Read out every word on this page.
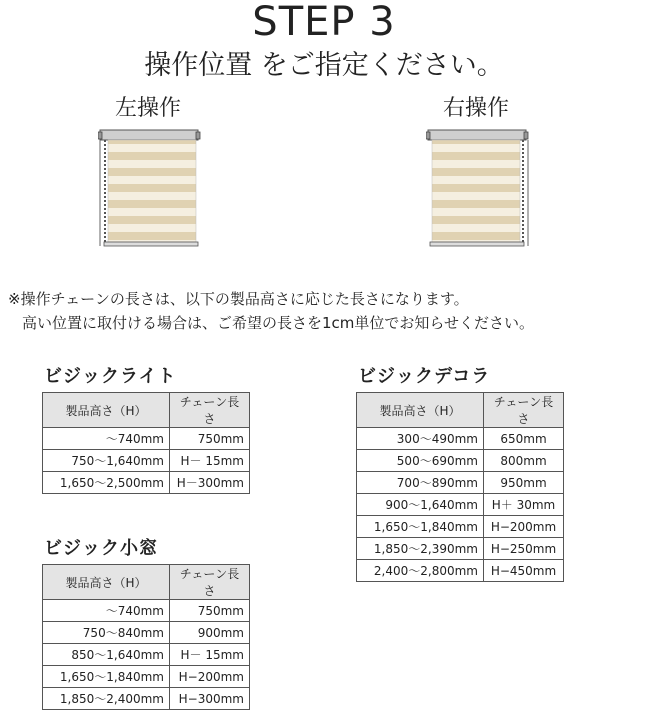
STEP 3
操作位置 をご指定ください。
左操作	右操作
※操作チェーンの長さは、以下の製品高さに応じた長さになります。
高い位置に取付ける場合は、ご希望の長さを1cm単位でお知らせください。
ビジックライト
製品高さ（H）	チェーン長さ
～740mm	750mm
750～1,640mm	H－ 15mm
1,650～2,500mm	H－300mm
ビジック小窓
製品高さ（H）	チェーン長さ
～740mm	750mm
750～840mm	900mm
850～1,640mm	H－ 15mm
1,650～1,840mm	H−200mm
1,850～2,400mm	H−300mm
ビジックデコラ
製品高さ（H）	チェーン長さ
300～490mm	650mm
500～690mm	800mm
700～890mm	950mm
900～1,640mm	H＋ 30mm
1,650～1,840mm	H−200mm
1,850～2,390mm	H−250mm
2,400～2,800mm	H−450mm
